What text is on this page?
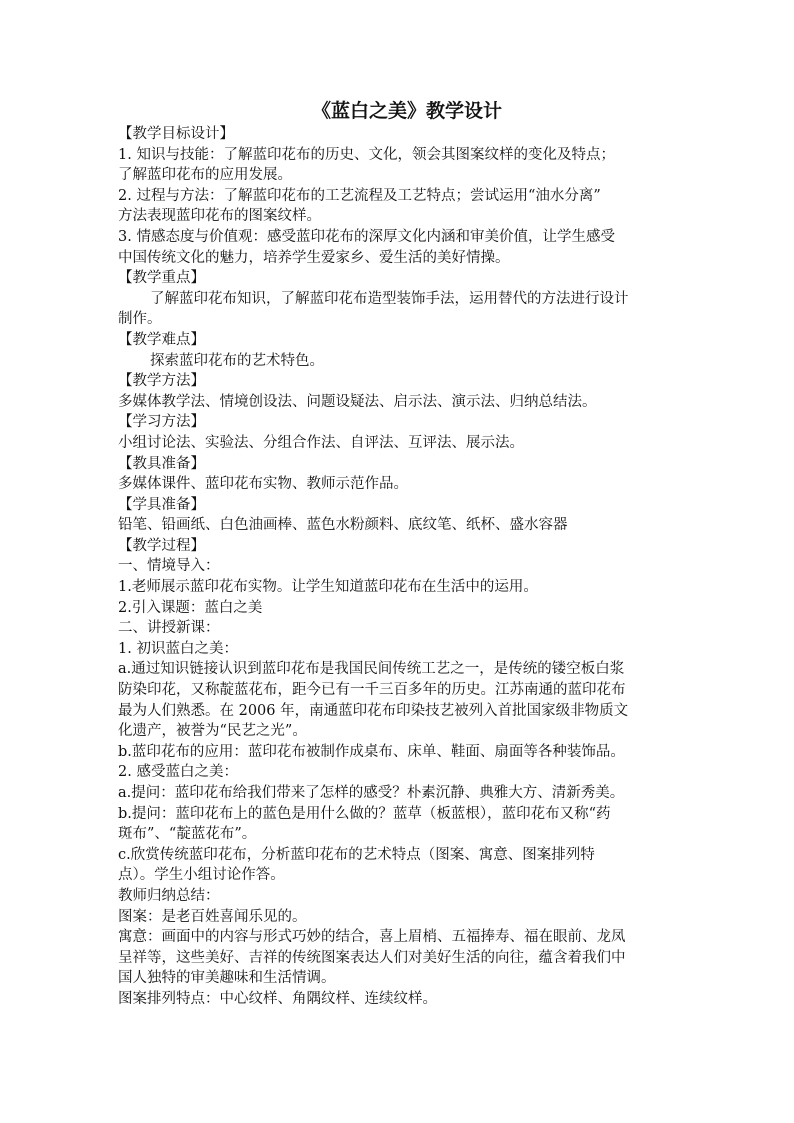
《蓝白之美》教学设计
【教学目标设计】
1. 知识与技能：了解蓝印花布的历史、文化，领会其图案纹样的变化及特点；
了解蓝印花布的应用发展。
2. 过程与方法：了解蓝印花布的工艺流程及工艺特点；尝试运用“油水分离”
方法表现蓝印花布的图案纹样。
3. 情感态度与价值观：感受蓝印花布的深厚文化内涵和审美价值，让学生感受
中国传统文化的魅力，培养学生爱家乡、爱生活的美好情操。
【教学重点】
了解蓝印花布知识，了解蓝印花布造型装饰手法，运用替代的方法进行设计
制作。
【教学难点】
探索蓝印花布的艺术特色。
【教学方法】
多媒体教学法、情境创设法、问题设疑法、启示法、演示法、归纳总结法。
【学习方法】
小组讨论法、实验法、分组合作法、自评法、互评法、展示法。
【教具准备】
多媒体课件、蓝印花布实物、教师示范作品。
【学具准备】
铅笔、铅画纸、白色油画棒、蓝色水粉颜料、底纹笔、纸杯、盛水容器
【教学过程】
一、情境导入：
1.老师展示蓝印花布实物。让学生知道蓝印花布在生活中的运用。
2.引入课题：蓝白之美
二、讲授新课：
1. 初识蓝白之美：
a.通过知识链接认识到蓝印花布是我国民间传统工艺之一，是传统的镂空板白浆
防染印花，又称靛蓝花布，距今已有一千三百多年的历史。江苏南通的蓝印花布
最为人们熟悉。在 2006 年，南通蓝印花布印染技艺被列入首批国家级非物质文
化遗产，被誉为“民艺之光”。
b.蓝印花布的应用：蓝印花布被制作成桌布、床单、鞋面、扇面等各种装饰品。
2. 感受蓝白之美：
a.提问：蓝印花布给我们带来了怎样的感受？朴素沉静、典雅大方、清新秀美。
b.提问：蓝印花布上的蓝色是用什么做的？蓝草（板蓝根），蓝印花布又称“药
斑布”、“靛蓝花布”。
c.欣赏传统蓝印花布，分析蓝印花布的艺术特点（图案、寓意、图案排列特
点）。学生小组讨论作答。
教师归纳总结：
图案：是老百姓喜闻乐见的。
寓意：画面中的内容与形式巧妙的结合，喜上眉梢、五福捧寿、福在眼前、龙凤
呈祥等，这些美好、吉祥的传统图案表达人们对美好生活的向往，蕴含着我们中
国人独特的审美趣味和生活情调。
图案排列特点：中心纹样、角隅纹样、连续纹样。
